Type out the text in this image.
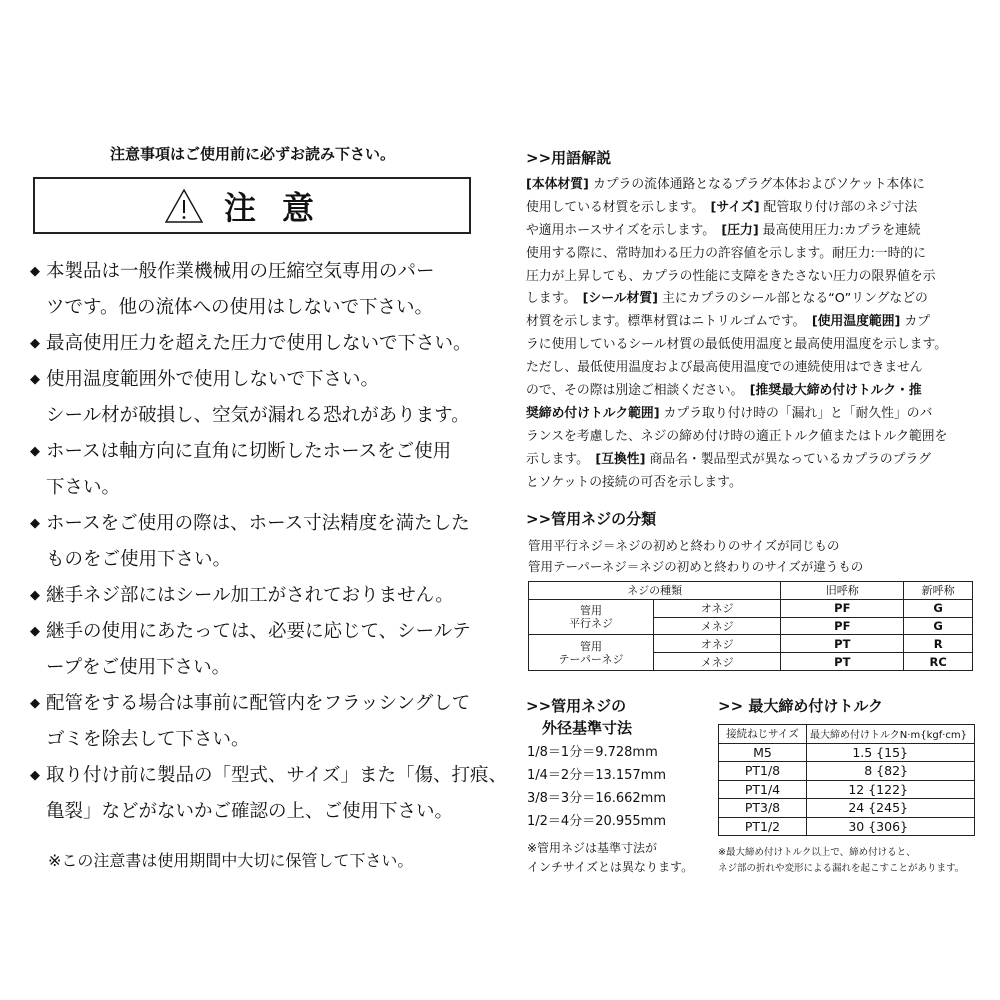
注意事項はご使用前に必ずお読み下さい。
注意
◆ 本製品は一般作業機械用の圧縮空気専用のパー
ツです。他の流体への使用はしないで下さい。
◆ 最高使用圧力を超えた圧力で使用しないで下さい。
◆ 使用温度範囲外で使用しないで下さい。
シール材が破損し、空気が漏れる恐れがあります。
◆ ホースは軸方向に直角に切断したホースをご使用
下さい。
◆ ホースをご使用の際は、ホース寸法精度を満たした
ものをご使用下さい。
◆ 継手ネジ部にはシール加工がされておりません。
◆ 継手の使用にあたっては、必要に応じて、シールテ
ープをご使用下さい。
◆ 配管をする場合は事前に配管内をフラッシングして
ゴミを除去して下さい。
◆ 取り付け前に製品の「型式、サイズ」また「傷、打痕、
亀裂」などがないかご確認の上、ご使用下さい。
※この注意書は使用期間中大切に保管して下さい。
>>用語解説
[本体材質] カプラの流体通路となるプラグ本体およびソケット本体に
使用している材質を示します。　[サイズ] 配管取り付け部のネジ寸法
や適用ホースサイズを示します。　[圧力] 最高使用圧力:カプラを連続
使用する際に、常時加わる圧力の許容値を示します。耐圧力:一時的に
圧力が上昇しても、カプラの性能に支障をきたさない圧力の限界値を示
します。　[シール材質] 主にカプラのシール部となる“O”リングなどの
材質を示します。標準材質はニトリルゴムです。　[使用温度範囲] カプ
ラに使用しているシール材質の最低使用温度と最高使用温度を示します。
ただし、最低使用温度および最高使用温度での連続使用はできません
ので、その際は別途ご相談ください。　[推奨最大締め付けトルク・推
奨締め付けトルク範囲] カプラ取り付け時の「漏れ」と「耐久性」のバ
ランスを考慮した、ネジの締め付け時の適正トルク値またはトルク範囲を
示します。　[互換性] 商品名・製品型式が異なっているカプラのプラグ
とソケットの接続の可否を示します。
>>管用ネジの分類
管用平行ネジ＝ネジの初めと終わりのサイズが同じもの
管用テーパーネジ＝ネジの初めと終わりのサイズが違うもの
ネジの種類		旧呼称	新呼称

管用
平行ネジ	オネジ	PF	G
	メネジ	PF	G

管用
テーパーネジ	オネジ	PT	R
	メネジ	PT	RC
>>管用ネジの
外径基準寸法
1/8＝1分＝9.728mm
1/4＝2分＝13.157mm
3/8＝3分＝16.662mm
1/2＝4分＝20.955mm
※管用ネジは基準寸法が
インチサイズとは異なります。
>> 最大締め付けトルク
接続ねじサイズ	最大締め付けトルクN·m{kgf·cm}
M5	1.5 {15}
PT1/8	8 {82}
PT1/4	12 {122}
PT3/8	24 {245}
PT1/2	30 {306}
※最大締め付けトルク以上で、締め付けると、
ネジ部の折れや変形による漏れを起こすことがあります。
